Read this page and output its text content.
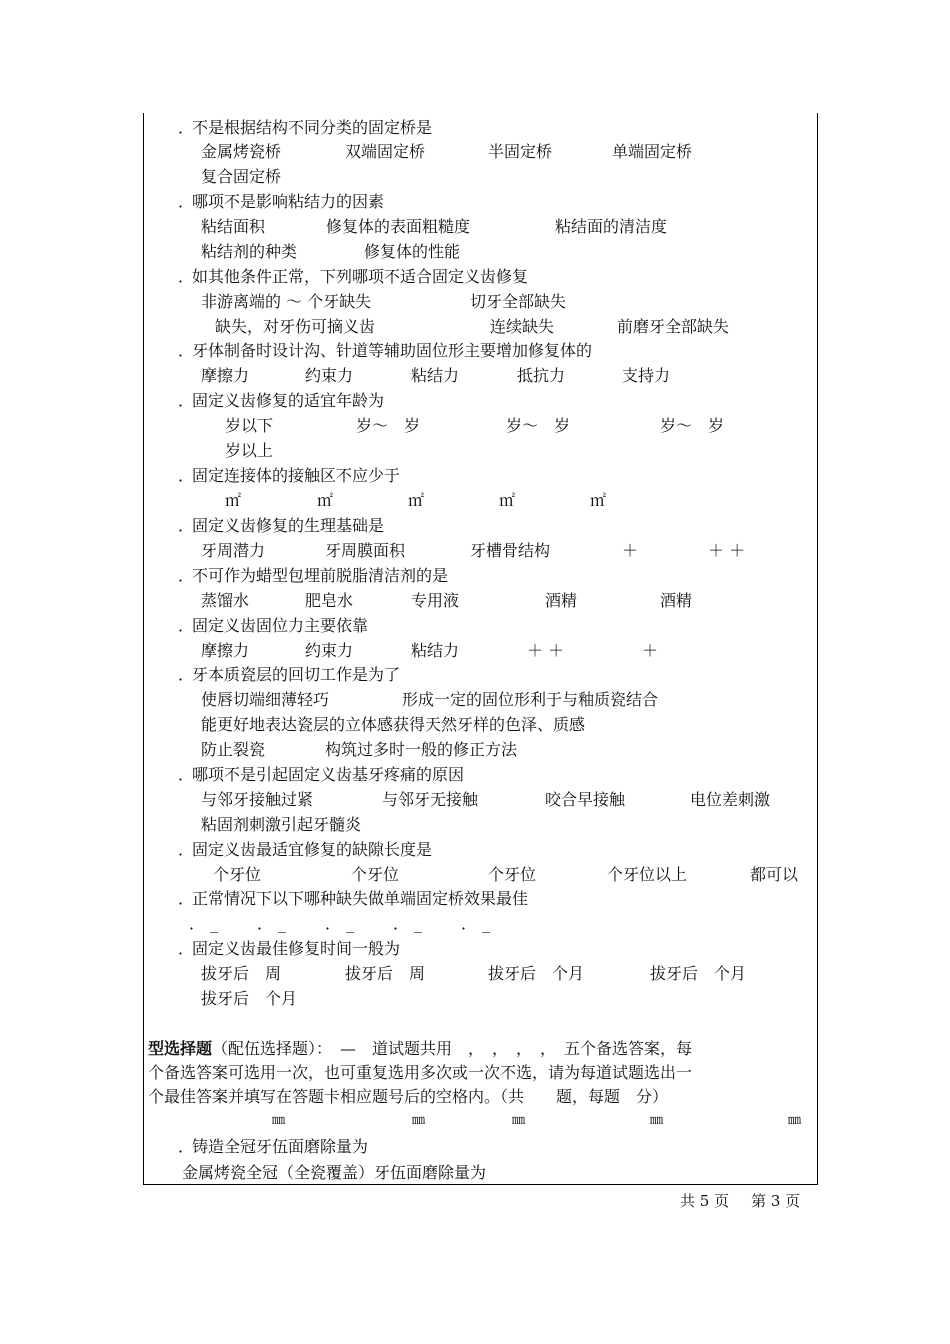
．不是根据结构不同分类的固定桥是
金属烤瓷桥	双端固定桥	半固定桥	单端固定桥
复合固定桥
．哪项不是影响粘结力的因素
粘结面积	修复体的表面粗糙度	粘结面的清洁度
粘结剂的种类	修复体的性能
．如其他条件正常，下列哪项不适合固定义齿修复
非游离端的 ～ 个牙缺失	切牙全部缺失
缺失，对牙伤可摘义齿	连续缺失	前磨牙全部缺失
．牙体制备时设计沟、针道等辅助固位形主要增加修复体的
摩擦力	约束力	粘结力	抵抗力	支持力
．固定义齿修复的适宜年龄为
岁以下	岁～　岁	岁～　岁	岁～　岁
岁以上
．固定连接体的接触区不应少于
㎡	㎡	㎡	㎡	㎡
．固定义齿修复的生理基础是
牙周潜力	牙周膜面积	牙槽骨结构	＋	＋ ＋
．不可作为蜡型包埋前脱脂清洁剂的是
蒸馏水	肥皂水	专用液	酒精	酒精
．固定义齿固位力主要依靠
摩擦力	约束力	粘结力	＋ ＋	＋
．牙本质瓷层的回切工作是为了
使唇切端细薄轻巧	形成一定的固位形利于与釉质瓷结合
能更好地表达瓷层的立体感获得天然牙样的色泽、质感
防止裂瓷	构筑过多时一般的修正方法
．哪项不是引起固定义齿基牙疼痛的原因
与邻牙接触过紧	与邻牙无接触	咬合早接触	电位差刺激
粘固剂刺激引起牙髓炎
．固定义齿最适宜修复的缺隙长度是
个牙位	个牙位	个牙位	个牙位以上	都可以
．正常情况下以下哪种缺失做单端固定桥效果最佳
． _ ． _ ． _ ． _ ． _
．固定义齿最佳修复时间一般为
拔牙后　周	拔牙后　周	拔牙后　个月	拔牙后　个月
拔牙后　个月
型选择题（配伍选择题）：　—　道试题共用　，　，　，　，　五个备选答案，每
个备选答案可选用一次，也可重复选用多次或一次不选，请为每道试题选出一
个最佳答案并填写在答题卡相应题号后的空格内。（共　　题，每题　分）
㎜	㎜	㎜	㎜	㎜
．铸造全冠牙伍面磨除量为
金属烤瓷全冠（全瓷覆盖）牙伍面磨除量为
共 5 页 第 3 页
